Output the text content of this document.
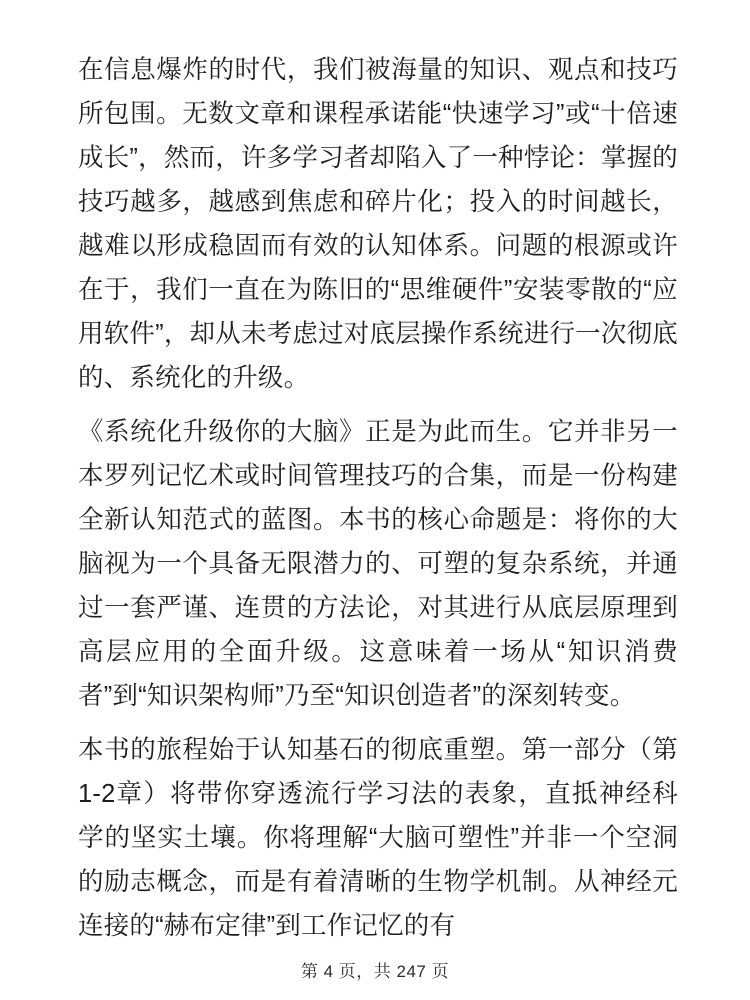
在信息爆炸的时代，我们被海量的知识、观点和技巧所包围。无数文章和课程承诺能“快速学习”或“十倍速成长”，然而，许多学习者却陷入了一种悖论：掌握的技巧越多，越感到焦虑和碎片化；投入的时间越长，越难以形成稳固而有效的认知体系。问题的根源或许在于，我们一直在为陈旧的“思维硬件”安装零散的“应用软件”，却从未考虑过对底层操作系统进行一次彻底的、系统化的升级。

《系统化升级你的大脑》正是为此而生。它并非另一本罗列记忆术或时间管理技巧的合集，而是一份构建全新认知范式的蓝图。本书的核心命题是：将你的大脑视为一个具备无限潜力的、可塑的复杂系统，并通过一套严谨、连贯的方法论，对其进行从底层原理到高层应用的全面升级。这意味着一场从“知识消费者”到“知识架构师”乃至“知识创造者”的深刻转变。

本书的旅程始于认知基石的彻底重塑。第一部分（第1-2章）将带你穿透流行学习法的表象，直抵神经科学的坚实土壤。你将理解“大脑可塑性”并非一个空洞的励志概念，而是有着清晰的生物学机制。从神经元连接的“赫布定律”到工作记忆的有

第 4 页，共 247 页
